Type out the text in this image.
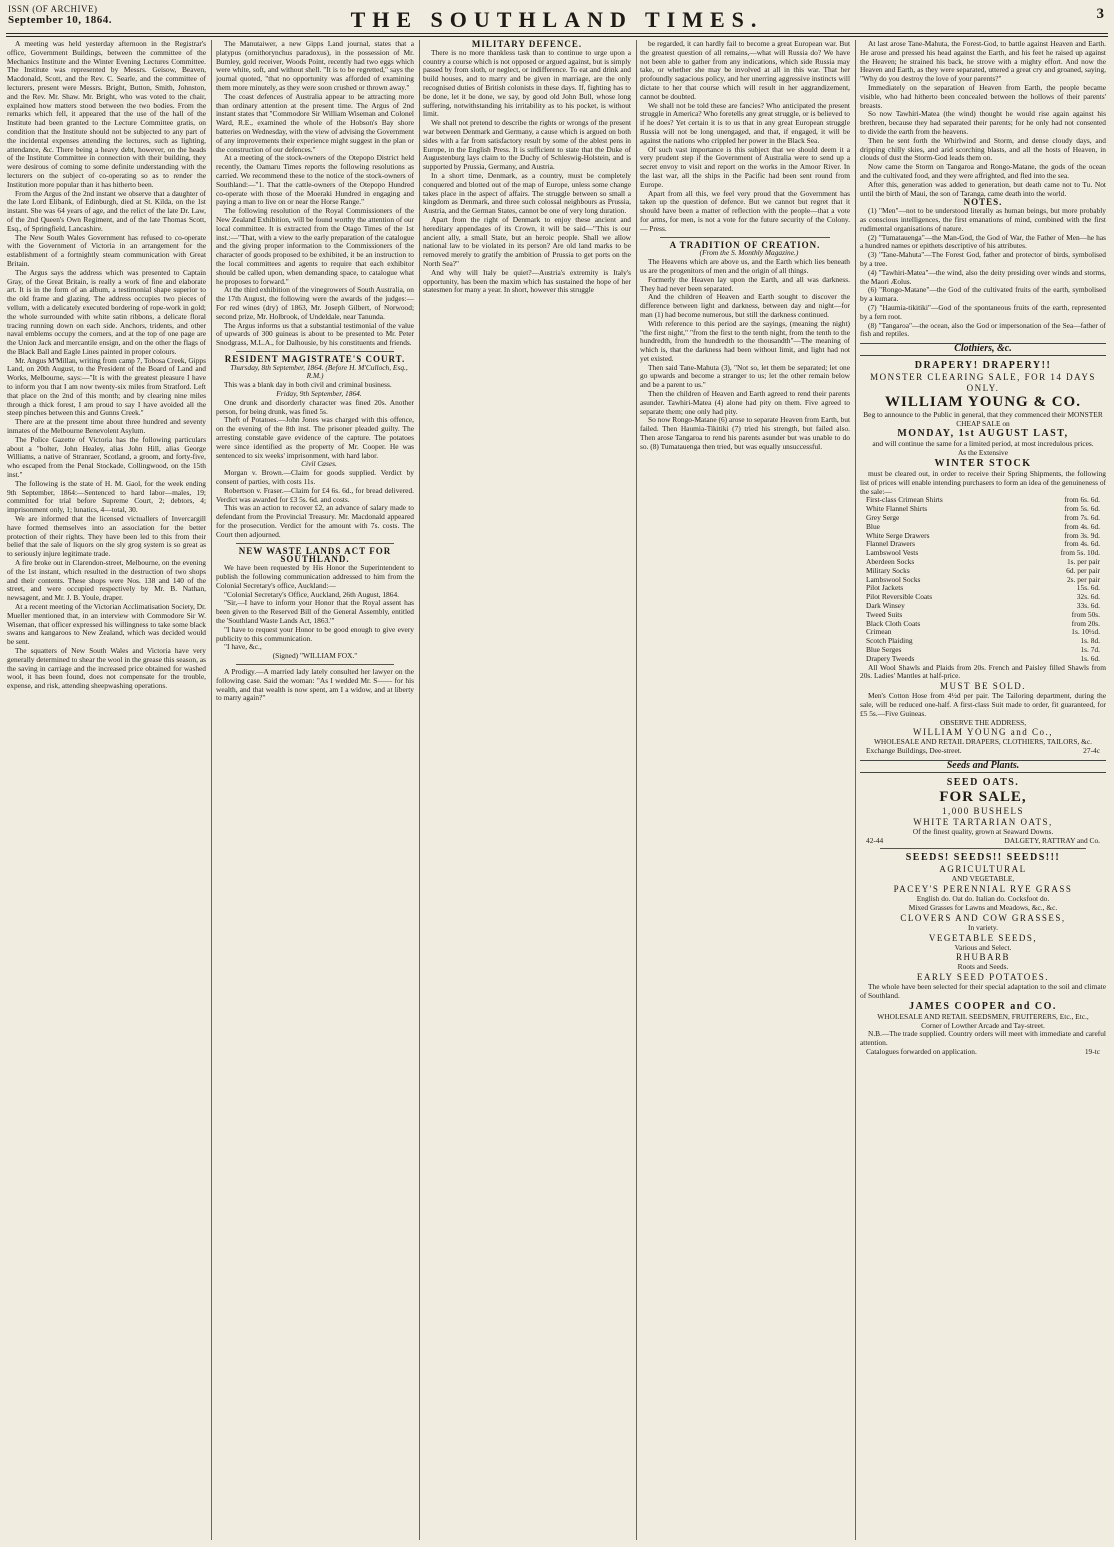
ISSN (OF ARCHIVE)
September 10, 1864.	THE SOUTHLAND TIMES.	3

A meeting was held yesterday afternoon in the Registrar's office, Government Buildings, between the committee of the Mechanics Institute and the Winter Evening Lectures Committee. The Institute was represented by Messrs. Geisow, Beaven, Macdonald, Scott, and the Rev. C. Searle, and the committee of lecturers, present were Messrs. Bright, Button, Smith, Johnston, and the Rev. Mr. Shaw. Mr. Bright, who was voted to the chair, explained how matters stood between the two bodies. From the remarks which fell, it appeared that the use of the hall of the Institute had been granted to the Lecture Committee gratis, on condition that the Institute should not be subjected to any part of the incidental expenses attending the lectures, such as lighting, attendance, &c. There being a heavy debt, however, on the heads of the Institute Committee in connection with their building, they were desirous of coming to some definite understanding with the lecturers on the subject of co-operating so as to render the Institution more popular than it has hitherto been.

From the Argus of the 2nd instant we observe that a daughter of the late Lord Elibank, of Edinburgh, died at St. Kilda, on the 1st instant. She was 64 years of age, and the relict of the late Dr. Law, of the 2nd Queen's Own Regiment, and of the late Thomas Scott, Esq., of Springfield, Lancashire.

The New South Wales Government has refused to co-operate with the Government of Victoria in an arrangement for the establishment of a fortnightly steam communication with Great Britain.

The Argus says the address which was presented to Captain Gray, of the Great Britain, is really a work of fine and elaborate art. It is in the form of an album, a testimonial shape superior to the old frame and glazing. The address occupies two pieces of vellum, with a delicately executed bordering of rope-work in gold; the whole surrounded with white satin ribbons, a delicate floral tracing running down on each side. Anchors, tridents, and other naval emblems occupy the corners, and at the top of one page are the Union Jack and mercantile ensign, and on the other the flags of the Black Ball and Eagle Lines painted in proper colours.

Mr. Angus M'Millan, writing from camp 7, Tobosa Creek, Gipps Land, on 20th August, to the President of the Board of Land and Works, Melbourne, says:—"It is with the greatest pleasure I have to inform you that I am now twenty-six miles from Stratford. Left that place on the 2nd of this month; and by clearing nine miles through a thick forest, I am proud to say I have avoided all the steep pinches between this and Gunns Creek."

There are at the present time about three hundred and seventy inmates of the Melbourne Benevolent Asylum.

The Police Gazette of Victoria has the following particulars about a "bolter, John Healey, alias John Hill, alias George Williams, a native of Stranraer, Scotland, a groom, and forty-five, who escaped from the Penal Stockade, Collingwood, on the 15th inst."

The following is the state of H. M. Gaol, for the week ending 9th September, 1864:—Sentenced to hard labor—males, 19; committed for trial before Supreme Court, 2; debtors, 4; imprisonment only, 1; lunatics, 4—total, 30.

We are informed that the licensed victuallers of Invercargill have formed themselves into an association for the better protection of their rights. They have been led to this from their belief that the sale of liquors on the sly grog system is so great as to seriously injure legitimate trade.

A fire broke out in Clarendon-street, Melbourne, on the evening of the 1st instant, which resulted in the destruction of two shops and their contents. These shops were Nos. 138 and 140 of the street, and were occupied respectively by Mr. B. Nathan, newsagent, and Mr. J. B. Youle, draper.

At a recent meeting of the Victorian Acclimatisation Society, Dr. Mueller mentioned that, in an interview with Commodore Sir W. Wiseman, that officer expressed his willingness to take some black swans and kangaroos to New Zealand, which was decided would be sent.

The squatters of New South Wales and Victoria have very generally determined to shear the wool in the grease this season, as the saving in carriage and the increased price obtained for washed wool, it has been found, does not compensate for the trouble, expense, and risk, attending sheepwashing operations.

The Manutaiwer, a new Gipps Land journal, states that a platypus (ornithorynchus paradoxus), in the possession of Mr. Bumley, gold receiver, Woods Point, recently had two eggs which were white, soft, and without shell. "It is to be regretted," says the journal quoted, "that no opportunity was afforded of examining them more minutely, as they were soon crushed or thrown away."

The coast defences of Australia appear to be attracting more than ordinary attention at the present time. The Argus of 2nd instant states that "Commodore Sir William Wiseman and Colonel Ward, R.E., examined the whole of the Hobson's Bay shore batteries on Wednesday, with the view of advising the Government of any improvements their experience might suggest in the plan or the construction of our defences."

At a meeting of the stock-owners of the Otepopo District held recently, the Oamaru Times reports the following resolutions as carried. We recommend these to the notice of the stock-owners of Southland:—"1. That the cattle-owners of the Otepopo Hundred co-operate with those of the Moeraki Hundred in engaging and paying a man to live on or near the Horse Range."

The following resolution of the Royal Commissioners of the New Zealand Exhibition, will be found worthy the attention of our local committee. It is extracted from the Otago Times of the 1st inst.:—"That, with a view to the early preparation of the catalogue and the giving proper information to the Commissioners of the character of goods proposed to be exhibited, it be an instruction to the local committees and agents to require that each exhibitor should be called upon, when demanding space, to catalogue what he proposes to forward."

At the third exhibition of the vinegrowers of South Australia, on the 17th August, the following were the awards of the judges:—For red wines (dry) of 1863, Mr. Joseph Gilbert, of Norwood; second prize, Mr. Holbrook, of Undeldale, near Tanunda.

The Argus informs us that a substantial testimonial of the value of upwards of 300 guineas is about to be presented to Mr. Peter Snodgrass, M.L.A., for Dalhousie, by his constituents and friends.

RESIDENT MAGISTRATE'S COURT.

Thursday, 8th September, 1864. (Before H. M'Culloch, Esq., R.M.)

This was a blank day in both civil and criminal business.

Friday, 9th September, 1864.

One drunk and disorderly character was fined 20s. Another person, for being drunk, was fined 5s.

Theft of Potatoes.—John Jones was charged with this offence, on the evening of the 8th inst. The prisoner pleaded guilty. The arresting constable gave evidence of the capture. The potatoes were since identified as the property of Mr. Cooper. He was sentenced to six weeks' imprisonment, with hard labor.

Civil Cases.

Morgan v. Brown.—Claim for goods supplied. Verdict by consent of parties, with costs 11s.

Robertson v. Fraser.—Claim for £4 6s. 6d., for bread delivered. Verdict was awarded for £3 5s. 6d. and costs.

This was an action to recover £2, an advance of salary made to defendant from the Provincial Treasury. Mr. Macdonald appeared for the prosecution. Verdict for the amount with 7s. costs. The Court then adjourned.

NEW WASTE LANDS ACT FOR SOUTHLAND.

We have been requested by His Honor the Superintendent to publish the following communication addressed to him from the Colonial Secretary's office, Auckland:—

"Colonial Secretary's Office, Auckland, 26th August, 1864.

"Sir,—I have to inform your Honor that the Royal assent has been given to the Reserved Bill of the General Assembly, entitled the 'Southland Waste Lands Act, 1863.'"

"I have to request your Honor to be good enough to give every publicity to this communication.

"I have, &c.,

(Signed) "WILLIAM FOX."

A Prodigy.—A married lady lately consulted her lawyer on the following case. Said the woman: "As I wedded Mr. S—— for his wealth, and that wealth is now spent, am I a widow, and at liberty to marry again?"

MILITARY DEFENCE.

There is no more thankless task than to continue to urge upon a country a course which is not opposed or argued against, but is simply passed by from sloth, or neglect, or indifference. To eat and drink and build houses, and to marry and be given in marriage, are the only recognised duties of British colonists in these days. If, fighting has to be done, let it be done, we say, by good old John Bull, whose long suffering, notwithstanding his irritability as to his pocket, is without limit.

We shall not pretend to describe the rights or wrongs of the present war between Denmark and Germany, a cause which is argued on both sides with a far from satisfactory result by some of the ablest pens in Europe, in the English Press. It is sufficient to state that the Duke of Augustenburg lays claim to the Duchy of Schleswig-Holstein, and is supported by Prussia, Germany, and Austria.

In a short time, Denmark, as a country, must be completely conquered and blotted out of the map of Europe, unless some change takes place in the aspect of affairs. The struggle between so small a kingdom as Denmark, and three such colossal neighbours as Prussia, Austria, and the German States, cannot be one of very long duration.

Apart from the right of Denmark to enjoy these ancient and hereditary appendages of its Crown, it will be said—"This is our ancient ally, a small State, but an heroic people. Shall we allow national law to be violated in its person? Are old land marks to be removed merely to gratify the ambition of Prussia to get ports on the North Sea?"

And why will Italy be quiet?—Austria's extremity is Italy's opportunity, has been the maxim which has sustained the hope of her statesmen for many a year. In short, however this struggle

be regarded, it can hardly fail to become a great European war. But the greatest question of all remains,—what will Russia do? We have not been able to gather from any indications, which side Russia may take, or whether she may be involved at all in this war. That her profoundly sagacious policy, and her unerring aggressive instincts will dictate to her that course which will result in her aggrandizement, cannot be doubted.

We shall not be told these are fancies? Who anticipated the present struggle in America? Who foretells any great struggle, or is believed to if he does? Yet certain it is to us that in any great European struggle Russia will not be long unengaged, and that, if engaged, it will be against the nations who crippled her power in the Black Sea.

Of such vast importance is this subject that we should deem it a very prudent step if the Government of Australia were to send up a secret envoy to visit and report on the works in the Amoor River. In the last war, all the ships in the Pacific had been sent round from Europe.

Apart from all this, we feel very proud that the Government has taken up the question of defence. But we cannot but regret that it should have been a matter of reflection with the people—that a vote for arms, for men, is not a vote for the future security of the Colony. — Press.

A TRADITION OF CREATION.

(From the S. Monthly Magazine.)

The Heavens which are above us, and the Earth which lies beneath us are the progenitors of men and the origin of all things.

Formerly the Heaven lay upon the Earth, and all was darkness. They had never been separated.

And the children of Heaven and Earth sought to discover the difference between light and darkness, between day and night—for man (1) had become numerous, but still the darkness continued.

With reference to this period are the sayings, (meaning the night) "the first night," "from the first to the tenth night, from the tenth to the hundredth, from the hundredth to the thousandth"—The meaning of which is, that the darkness had been without limit, and light had not yet existed.

Then said Tane-Mahuta (3), "Not so, let them be separated; let one go upwards and become a stranger to us; let the other remain below and be a parent to us."

Then the children of Heaven and Earth agreed to rend their parents asunder. Tawhiri-Matea (4) alone had pity on them. Five agreed to separate them; one only had pity.

So now Rongo-Matane (6) arose to separate Heaven from Earth, but failed. Then Haumia-Tikitiki (7) tried his strength, but failed also. Then arose Tangaroa to rend his parents asunder but was unable to do so. (8) Tumatauenga then tried, but was equally unsuccessful.

At last arose Tane-Mahuta, the Forest-God, to battle against Heaven and Earth. He arose and pressed his head against the Earth, and his feet he raised up against the Heaven; he strained his back, he strove with a mighty effort. And now the Heaven and Earth, as they were separated, uttered a great cry and groaned, saying, "Why do you destroy the love of your parents?"

Immediately on the separation of Heaven from Earth, the people became visible, who had hitherto been concealed between the hollows of their parents' breasts.

So now Tawhiri-Matea (the wind) thought he would rise again against his brethren, because they had separated their parents; for he only had not consented to divide the earth from the heavens.

Then he sent forth the Whirlwind and Storm, and dense cloudy days, and dripping chilly skies, and arid scorching blasts, and all the hosts of Heaven, in clouds of dust the Storm-God leads them on.

Now came the Storm on Tangaroa and Rongo-Matane, the gods of the ocean and the cultivated food, and they were affrighted, and fled into the sea.

After this, generation was added to generation, but death came not to Tu. Not until the birth of Maui, the son of Taranga, came death into the world.

NOTES.

(1) "Men"—not to be understood literally as human beings, but more probably as conscious intelligences, the first emanations of mind, combined with the first rudimental organisations of nature.

(2) "Tumatauenga"—the Man-God, the God of War, the Father of Men—he has a hundred names or epithets descriptive of his attributes.

(3) "Tane-Mahuta"—The Forest God, father and protector of birds, symbolised by a tree.

(4) "Tawhiri-Matea"—the wind, also the deity presiding over winds and storms, the Maori Æolus.

(6) "Rongo-Matane"—the God of the cultivated fruits of the earth, symbolised by a kumara.

(7) "Haumia-tikitiki"—God of the spontaneous fruits of the earth, represented by a fern root.

(8) "Tangaroa"—the ocean, also the God or impersonation of the Sea—father of fish and reptiles.

Clothiers, &c.

DRAPERY! DRAPERY!!

MONSTER CLEARING SALE, FOR 14 DAYS ONLY.

WILLIAM YOUNG & CO.

Beg to announce to the Public in general, that they commenced their MONSTER CHEAP SALE on

MONDAY, 1st AUGUST LAST,

and will continue the same for a limited period, at most incredulous prices.

As the Extensive

WINTER STOCK

must be cleared out, in order to receive their Spring Shipments, the following list of prices will enable intending purchasers to form an idea of the genuineness of the sale:—

First-class Crimean Shirts	from 6s. 6d.
White Flannel Shirts	from 5s. 6d.
Grey Serge	from 7s. 6d.
Blue	from 4s. 6d.
White Serge Drawers	from 3s. 9d.
Flannel Drawers	from 4s. 6d.
Lambswool Vests	from 5s. 10d.
Aberdeen Socks	1s. per pair
Military Socks	6d. per pair
Lambswool Socks	2s. per pair
Pilot Jackets	15s. 6d.
Pilot Reversible Coats	32s. 6d.
Dark Winsey	33s. 6d.
Tweed Suits	from 50s.
Black Cloth Coats	from 20s.
Crimean	1s. 10½d.
Scotch Plaiding	1s. 8d.
Blue Serges	1s. 7d.
Drapery Tweeds	1s. 6d.

All Wool Shawls and Plaids from 20s. French and Paisley filled Shawls from 20s. Ladies' Mantles at half-price.

MUST BE SOLD.

Men's Cotton Hose from 4½d per pair. The Tailoring department, during the sale, will be reduced one-half. A first-class Suit made to order, fit guaranteed, for £5 5s.—Five Guineas.

OBSERVE THE ADDRESS,

WILLIAM YOUNG and Co.,

WHOLESALE AND RETAIL DRAPERS, CLOTHIERS, TAILORS, &c.

Exchange Buildings, Dee-street.	27-4c
Seeds and Plants.

SEED OATS.

FOR SALE,

1,000 BUSHELS

WHITE TARTARIAN OATS,

Of the finest quality, grown at Seaward Downs.

42-44	DALGETY, RATTRAY and Co.

SEEDS! SEEDS!! SEEDS!!!

AGRICULTURAL

AND VEGETABLE,

PACEY'S PERENNIAL RYE GRASS

English do. Oat do. Italian do. Cocksfoot do.

Mixed Grasses for Lawns and Meadows, &c., &c.

CLOVERS AND COW GRASSES,

In variety.

VEGETABLE SEEDS,

Various and Select.

RHUBARB

Roots and Seeds.

EARLY SEED POTATOES.

The whole have been selected for their special adaptation to the soil and climate of Southland.

JAMES COOPER and CO.

WHOLESALE AND RETAIL SEEDSMEN, FRUITERERS, Etc., Etc.,

Corner of Lowther Arcade and Tay-street.

N.B.—The trade supplied. Country orders will meet with immediate and careful attention.

Catalogues forwarded on application.	19-tc
